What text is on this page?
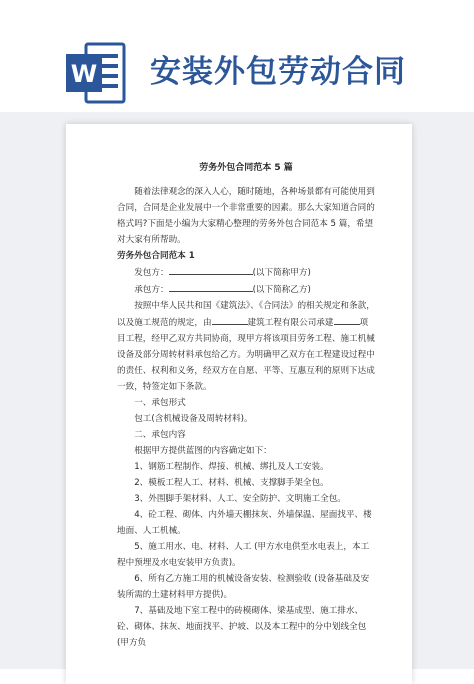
W 安装外包劳动合同
劳务外包合同范本 5 篇

随着法律观念的深入人心，随时随地，各种场景都有可能使用到合同，合同是企业发展中一个非常重要的因素。那么大家知道合同的格式吗?下面是小编为大家精心整理的劳务外包合同范本 5 篇，希望对大家有所帮助。

劳务外包合同范本 1

发包方：	(以下简称甲方)

承包方：	(以下简称乙方)

按照中华人民共和国《建筑法》、《合同法》的相关规定和条款，以及施工规范的规定，由	建筑工程有限公司承建	项目工程，经甲乙双方共同协商，现甲方将该项目劳务工程、施工机械设备及部分周转材料承包给乙方。为明确甲乙双方在工程建设过程中的责任、权利和义务，经双方在自愿、平等、互惠互利的原则下达成一致，特签定如下条款。

一、承包形式

包工(含机械设备及周转材料)。

二、承包内容

根据甲方提供蓝图的内容确定如下：

1、钢筋工程制作、焊接、机械、绑扎及人工安装。

2、模板工程人工、材料、机械、支撑脚手架全包。

3、外围脚手架材料、人工、安全防护、文明施工全包。

4、砼工程、砌体、内外墙天棚抹灰、外墙保温、屋面找平、楼地面、人工机械。

5、施工用水、电、材料、人工 (甲方水电供至水电表上，本工程中预埋及水电安装甲方负责)。

6、所有乙方施工用的机械设备安装、检测验收 (设备基础及安装所需的土建材料甲方提供)。

7、基础及地下室工程中的砖模砌体、梁基成型、施工排水、砼、砌体、抹灰、地面找平、护坡、以及本工程中的分中划线全包 (甲方负
